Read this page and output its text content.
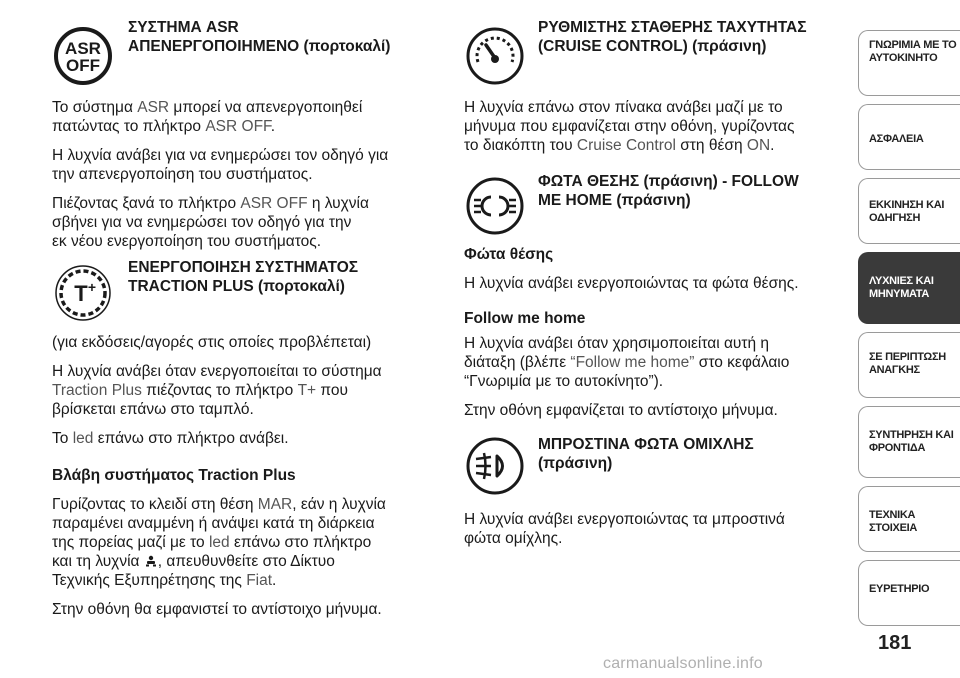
ASR
OFF
ΣΥΣΤΗΜΑ ASR
ΑΠΕΝΕΡΓΟΠΟΙΗΜΕΝΟ (πορτοκαλί)

Το σύστημα ASR μπορεί να απενεργοποιηθεί
πατώντας το πλήκτρο ASR OFF.

Η λυχνία ανάβει για να ενημερώσει τον οδηγό για
την απενεργοποίηση του συστήματος.

Πιέζοντας ξανά το πλήκτρο ASR OFF η λυχνία
σβήνει για να ενημερώσει τον οδηγό για την
εκ νέου ενεργοποίηση του συστήματος.

T +
ΕΝΕΡΓΟΠΟΙΗΣΗ ΣΥΣΤΗΜΑΤΟΣ
TRACTION PLUS (πορτοκαλί)

(για εκδόσεις/αγορές στις οποίες προβλέπεται)

Η λυχνία ανάβει όταν ενεργοποιείται το σύστημα
Traction Plus πιέζοντας το πλήκτρο T+ που
βρίσκεται επάνω στο ταμπλό.

Το led επάνω στο πλήκτρο ανάβει.

Βλάβη συστήματος Traction Plus

Γυρίζοντας το κλειδί στη θέση MAR, εάν η λυχνία
παραμένει αναμμένη ή ανάψει κατά τη διάρκεια
της πορείας μαζί με το led επάνω στο πλήκτρο
και τη λυχνία , απευθυνθείτε στο Δίκτυο
Τεχνικής Εξυπηρέτησης της Fiat.

Στην οθόνη θα εμφανιστεί το αντίστοιχο μήνυμα.

ΡΥΘΜΙΣΤΗΣ ΣΤΑΘΕΡΗΣ ΤΑΧΥΤΗΤΑΣ
(CRUISE CONTROL) (πράσινη)

Η λυχνία επάνω στον πίνακα ανάβει μαζί με το
μήνυμα που εμφανίζεται στην οθόνη, γυρίζοντας
το διακόπτη του Cruise Control στη θέση ON.

ΦΩΤΑ ΘΕΣΗΣ (πράσινη) - FOLLOW
ME HOME (πράσινη)
Φώτα θέσης

Η λυχνία ανάβει ενεργοποιώντας τα φώτα θέσης.

Follow me home

Η λυχνία ανάβει όταν χρησιμοποιείται αυτή η
διάταξη (βλέπε “Follow me home” στο κεφάλαιο
“Γνωριμία με το αυτοκίνητο”).

Στην οθόνη εμφανίζεται το αντίστοιχο μήνυμα.

ΜΠΡΟΣΤΙΝΑ ΦΩΤΑ ΟΜΙΧΛΗΣ
(πράσινη)

Η λυχνία ανάβει ενεργοποιώντας τα μπροστινά
φώτα ομίχλης.

ΓΝΩΡΙΜΙΑ ΜΕ ΤΟ
ΑΥΤΟΚΙΝΗΤΟ
ΑΣΦΑΛΕΙΑ
ΕΚΚΙΝΗΣΗ ΚΑΙ
ΟΔΗΓΗΣΗ
ΛΥΧΝΙΕΣ ΚΑΙ
ΜΗΝΥΜΑΤΑ
ΣΕ ΠΕΡΙΠΤΩΣΗ
ΑΝΑΓΚΗΣ
ΣΥΝΤΗΡΗΣΗ ΚΑΙ
ΦΡΟΝΤΙΔΑ
ΤΕΧΝΙΚΑ ΣΤΟΙΧΕΙΑ
ΕΥΡΕΤΗΡΙΟ
181
carmanualsonline.info
